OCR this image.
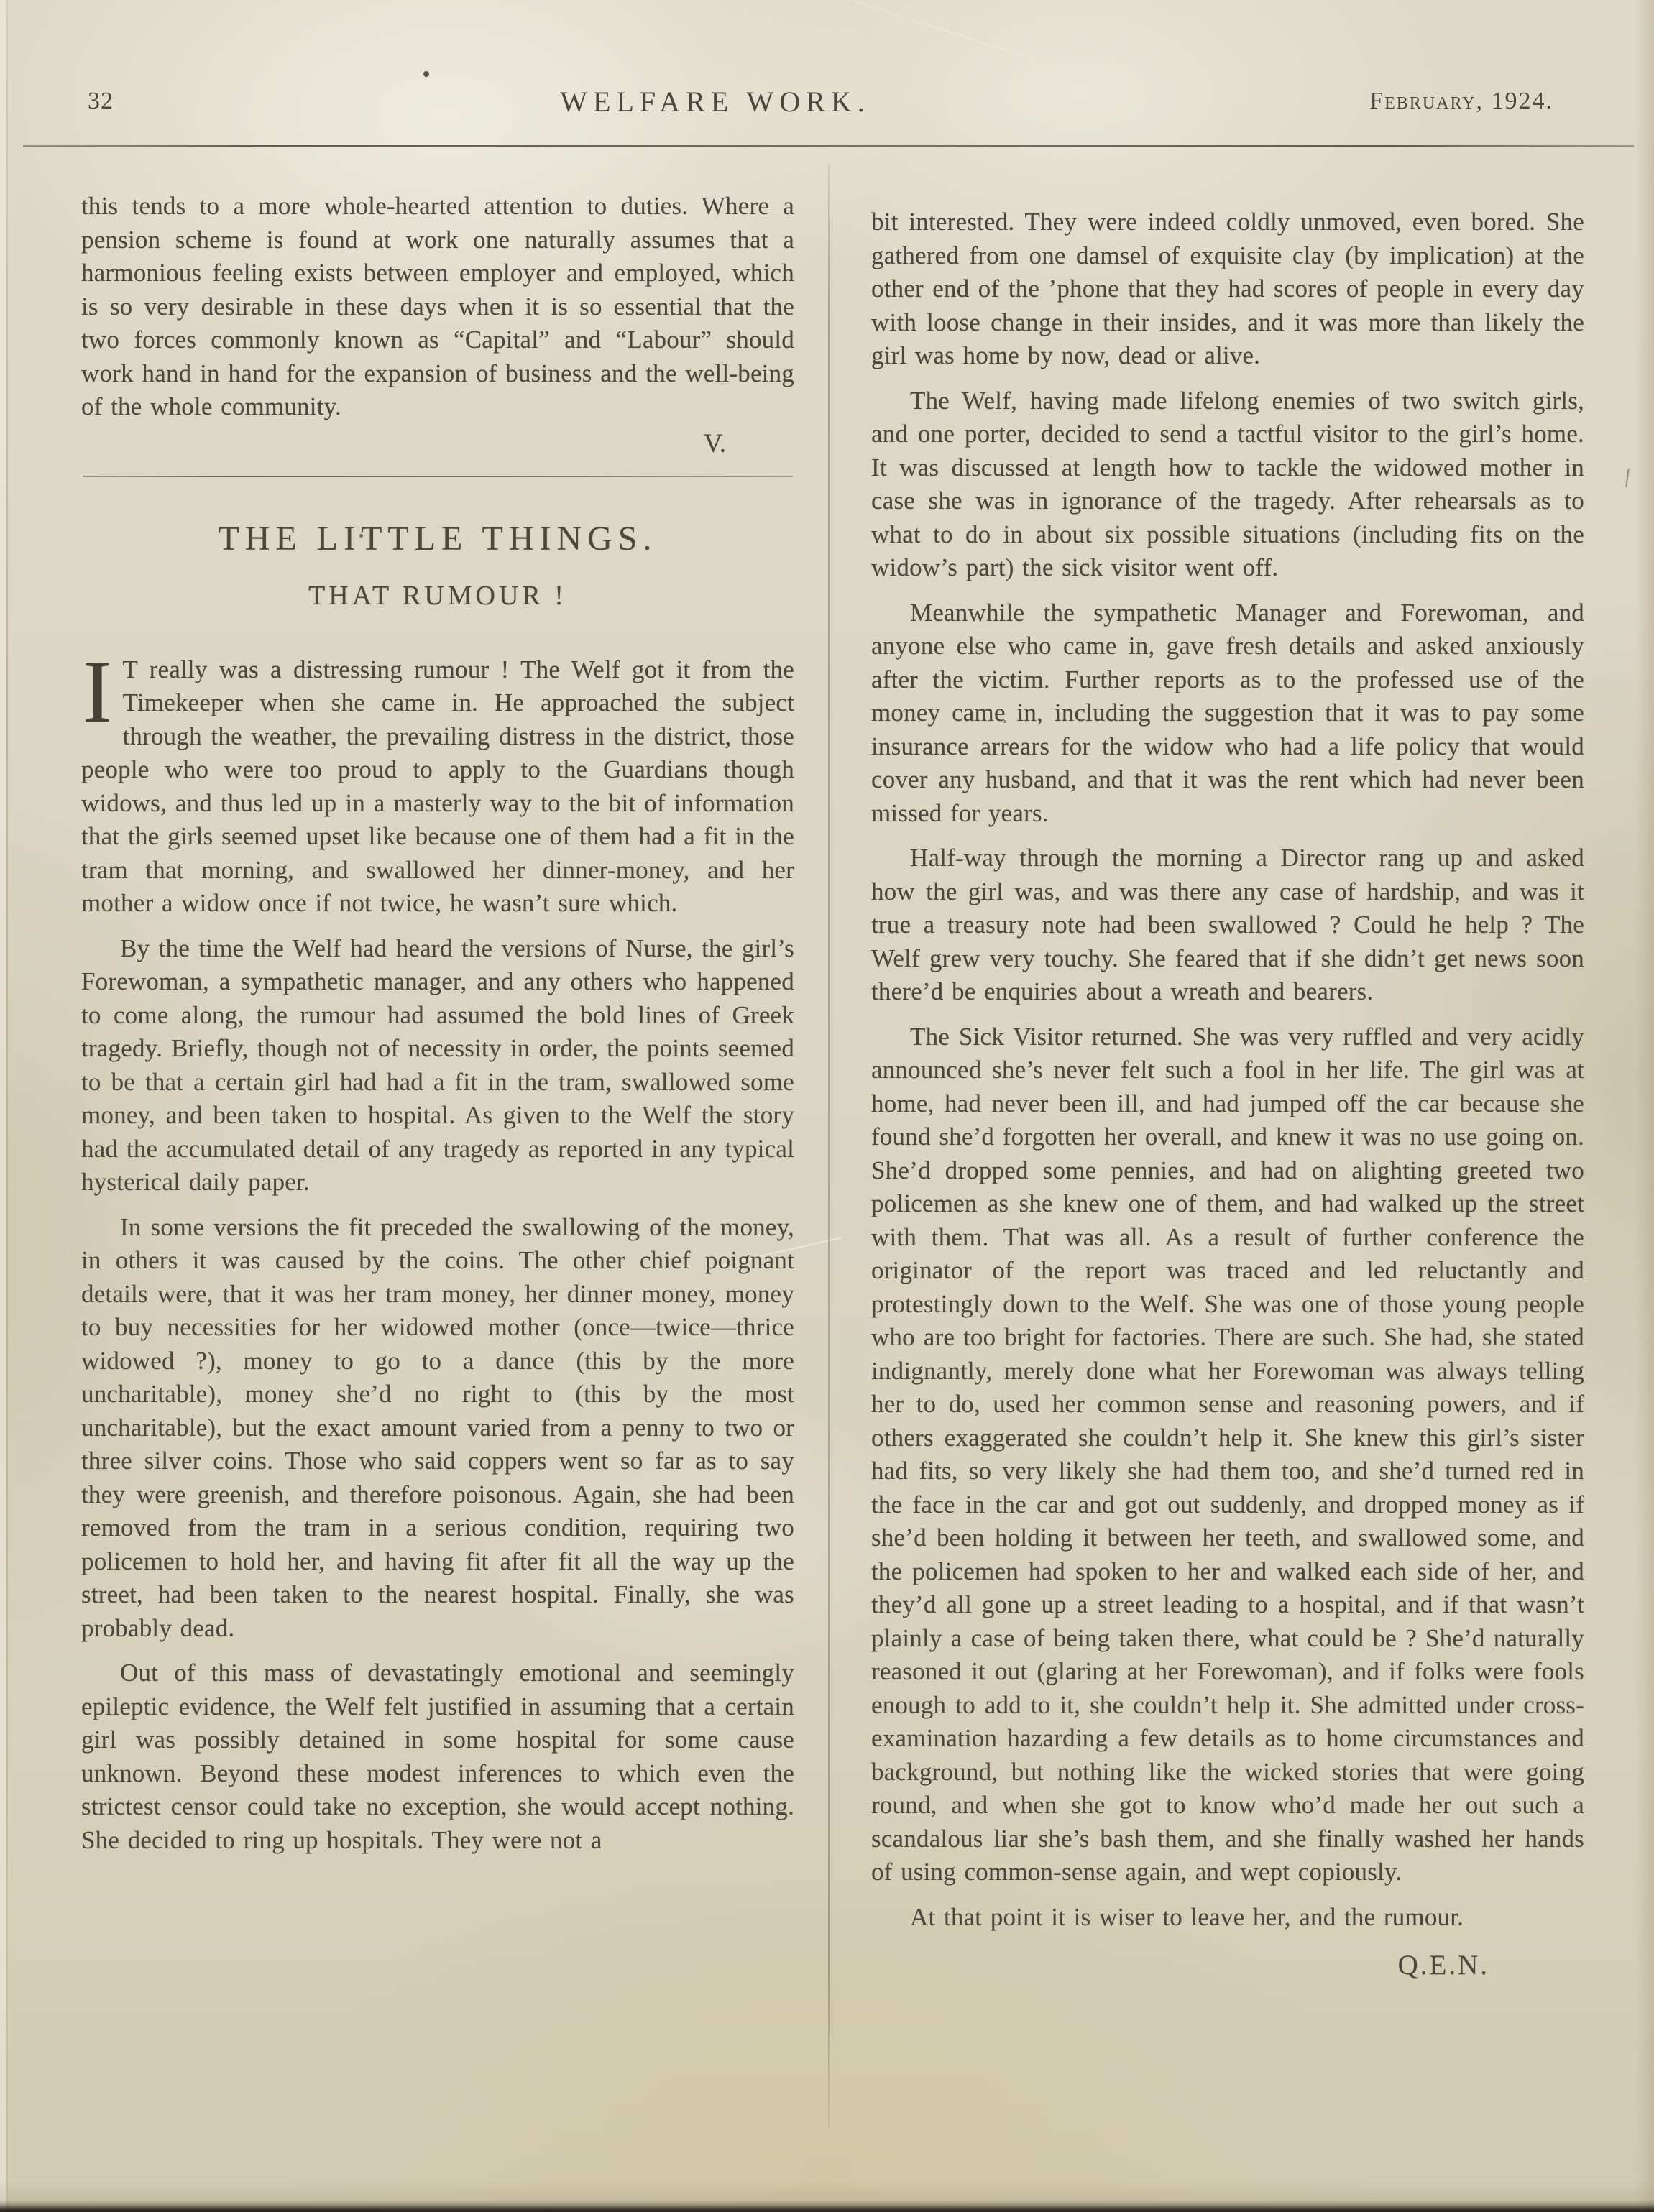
32	WELFARE WORK.	February, 1924.

this tends to a more whole-hearted attention to duties. Where a pension scheme is found at work one naturally assumes that a harmonious feeling exists between employer and employed, which is so very desirable in these days when it is so essential that the two forces commonly known as “Capital” and “Labour” should work hand in hand for the expansion of business and the well-being of the whole community.

V.
THE LITTLE THINGS.
THAT RUMOUR !

I T really was a distressing rumour ! The Welf got it from the Timekeeper when she came in. He approached the subject through the weather, the prevailing distress in the district, those people who were too proud to apply to the Guardians though widows, and thus led up in a masterly way to the bit of information that the girls seemed upset like because one of them had a fit in the tram that morning, and swallowed her dinner-money, and her mother a widow once if not twice, he wasn’t sure which.

By the time the Welf had heard the versions of Nurse, the girl’s Forewoman, a sympathetic manager, and any others who happened to come along, the rumour had assumed the bold lines of Greek tragedy. Briefly, though not of necessity in order, the points seemed to be that a certain girl had had a fit in the tram, swallowed some money, and been taken to hospital. As given to the Welf the story had the accumulated detail of any tragedy as reported in any typical hysterical daily paper.

In some versions the fit preceded the swallowing of the money, in others it was caused by the coins. The other chief poignant details were, that it was her tram money, her dinner money, money to buy necessities for her widowed mother (once—twice—thrice widowed ?), money to go to a dance (this by the more uncharitable), money she’d no right to (this by the most uncharitable), but the exact amount varied from a penny to two or three silver coins. Those who said coppers went so far as to say they were greenish, and therefore poisonous. Again, she had been removed from the tram in a serious condition, requiring two policemen to hold her, and having fit after fit all the way up the street, had been taken to the nearest hospital. Finally, she was probably dead.

Out of this mass of devastatingly emotional and seemingly epileptic evidence, the Welf felt justified in assuming that a certain girl was possibly detained in some hospital for some cause unknown. Beyond these modest inferences to which even the strictest censor could take no exception, she would accept nothing. She decided to ring up hospitals. They were not a

bit interested. They were indeed coldly unmoved, even bored. She gathered from one damsel of exquisite clay (by implication) at the other end of the ’phone that they had scores of people in every day with loose change in their insides, and it was more than likely the girl was home by now, dead or alive.

The Welf, having made lifelong enemies of two switch girls, and one porter, decided to send a tactful visitor to the girl’s home. It was discussed at length how to tackle the widowed mother in case she was in ignorance of the tragedy. After rehearsals as to what to do in about six possible situations (including fits on the widow’s part) the sick visitor went off.

Meanwhile the sympathetic Manager and Forewoman, and anyone else who came in, gave fresh details and asked anxiously after the victim. Further reports as to the professed use of the money came in, including the suggestion that it was to pay some insurance arrears for the widow who had a life policy that would cover any husband, and that it was the rent which had never been missed for years.

Half-way through the morning a Director rang up and asked how the girl was, and was there any case of hardship, and was it true a treasury note had been swallowed ? Could he help ? The Welf grew very touchy. She feared that if she didn’t get news soon there’d be enquiries about a wreath and bearers.

The Sick Visitor returned. She was very ruffled and very acidly announced she’s never felt such a fool in her life. The girl was at home, had never been ill, and had jumped off the car because she found she’d forgotten her overall, and knew it was no use going on. She’d dropped some pennies, and had on alighting greeted two policemen as she knew one of them, and had walked up the street with them. That was all. As a result of further conference the originator of the report was traced and led reluctantly and protestingly down to the Welf. She was one of those young people who are too bright for factories. There are such. She had, she stated indignantly, merely done what her Forewoman was always telling her to do, used her common sense and reasoning powers, and if others exaggerated she couldn’t help it. She knew this girl’s sister had fits, so very likely she had them too, and she’d turned red in the face in the car and got out suddenly, and dropped money as if she’d been holding it between her teeth, and swallowed some, and the policemen had spoken to her and walked each side of her, and they’d all gone up a street leading to a hospital, and if that wasn’t plainly a case of being taken there, what could be ? She’d naturally reasoned it out (glaring at her Forewoman), and if folks were fools enough to add to it, she couldn’t help it. She admitted under cross-examination hazarding a few details as to home circumstances and background, but nothing like the wicked stories that were going round, and when she got to know who’d made her out such a scandalous liar she’s bash them, and she finally washed her hands of using common-sense again, and wept copiously.

At that point it is wiser to leave her, and the rumour.

Q.E.N.
